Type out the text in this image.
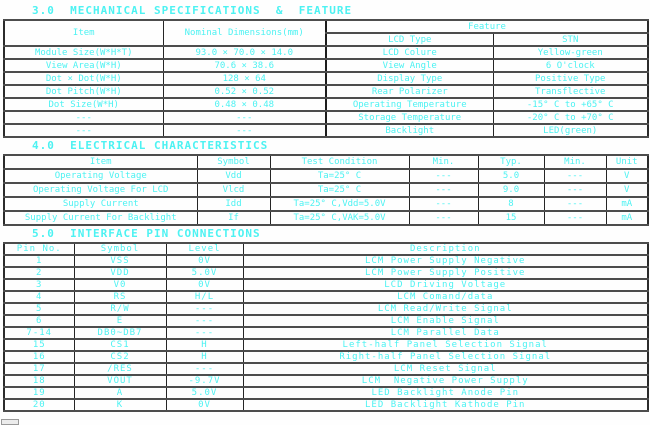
3.0  MECHANICAL SPECIFICATIONS  &  FEATURE
Item	Nominal Dimensions(mm)	Feature	
		LCD Type	STN
Module Size(W*H*T)	93.0 × 70.0 × 14.0	LCD Colure	Yellow-green
View Area(W*H)	70.6 × 38.6	View Angle	6 O'clock
Dot × Dot(W*H)	128 × 64	Display Type	Positive Type
Dot Pitch(W*H)	0.52 × 0.52	Rear Polarizer	Transflective
Dot Size(W*H)	0.48 × 0.48	Operating Temperature	-15° C to +65° C
---	---	Storage Temperature	-20° C to +70° C
---	---	Backlight	LED(green)
4.0  ELECTRICAL CHARACTERISTICS
Item	Symbol	Test Condition	Min.	Typ.	Min.	Unit
Operating Voltage	Vdd	Ta=25° C	---	5.0	---	V
Operating Voltage For LCD	Vlcd	Ta=25° C	---	9.0	---	V
Supply Current	Idd	Ta=25° C,Vdd=5.0V	---	8	---	mA
Supply Current For Backlight	If	Ta=25° C,VAK=5.0V	---	15	---	mA
5.0  INTERFACE PIN CONNECTIONS
Pin No.	Symbol	Level	Description
1	VSS	0V	LCM Power Supply Negative
2	VDD	5.0V	LCM Power Supply Positive
3	V0	0V	LCD Driving Voltage
4	RS	H/L	LCM Comand/data
5	R/W	---	LCM Read/Write Signal
6	E	---	LCM Enable Signal
7-14	DB0~DB7	---	LCM Parallel Data
15	CS1	H	Left-half Panel Selection Signal
16	CS2	H	Right-half Panel Selection Signal
17	/RES	---	LCM Reset Signal
18	VOUT	-9.7V	LCM  Negative Power Supply
19	A	5.0V	LED Backlight Anode Pin
20	K	0V	LED Backlight Kathode Pin
